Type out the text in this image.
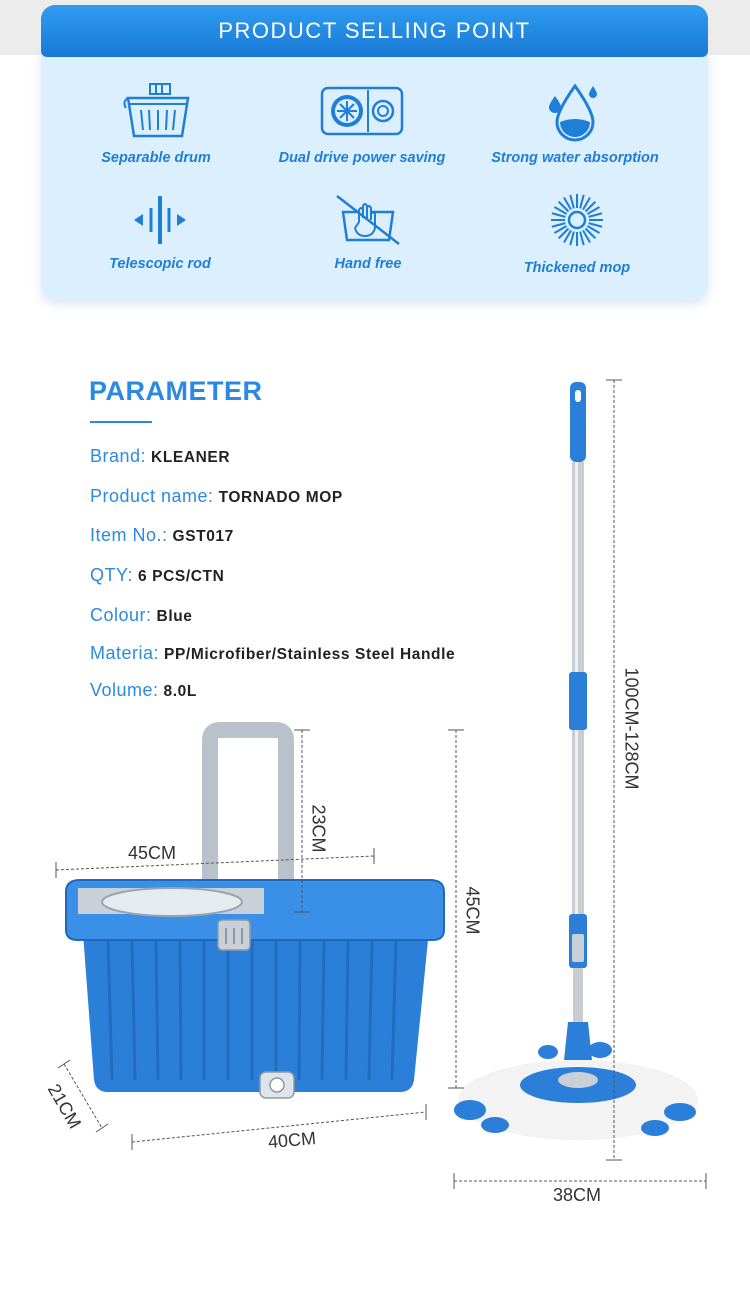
PRODUCT SELLING POINT
Separable drum	Dual drive power saving	Strong water absorption
Telescopic rod	Hand free	Thickened mop
PARAMETER
Brand: KLEANER
Product name: TORNADO MOP
Item No.: GST017
QTY: 6 PCS/CTN
Colour: Blue
Materia: PP/Microfiber/Stainless Steel Handle
Volume: 8.0L
45CM
23CM
45CM
21CM
40CM
100CM-128CM
38CM
